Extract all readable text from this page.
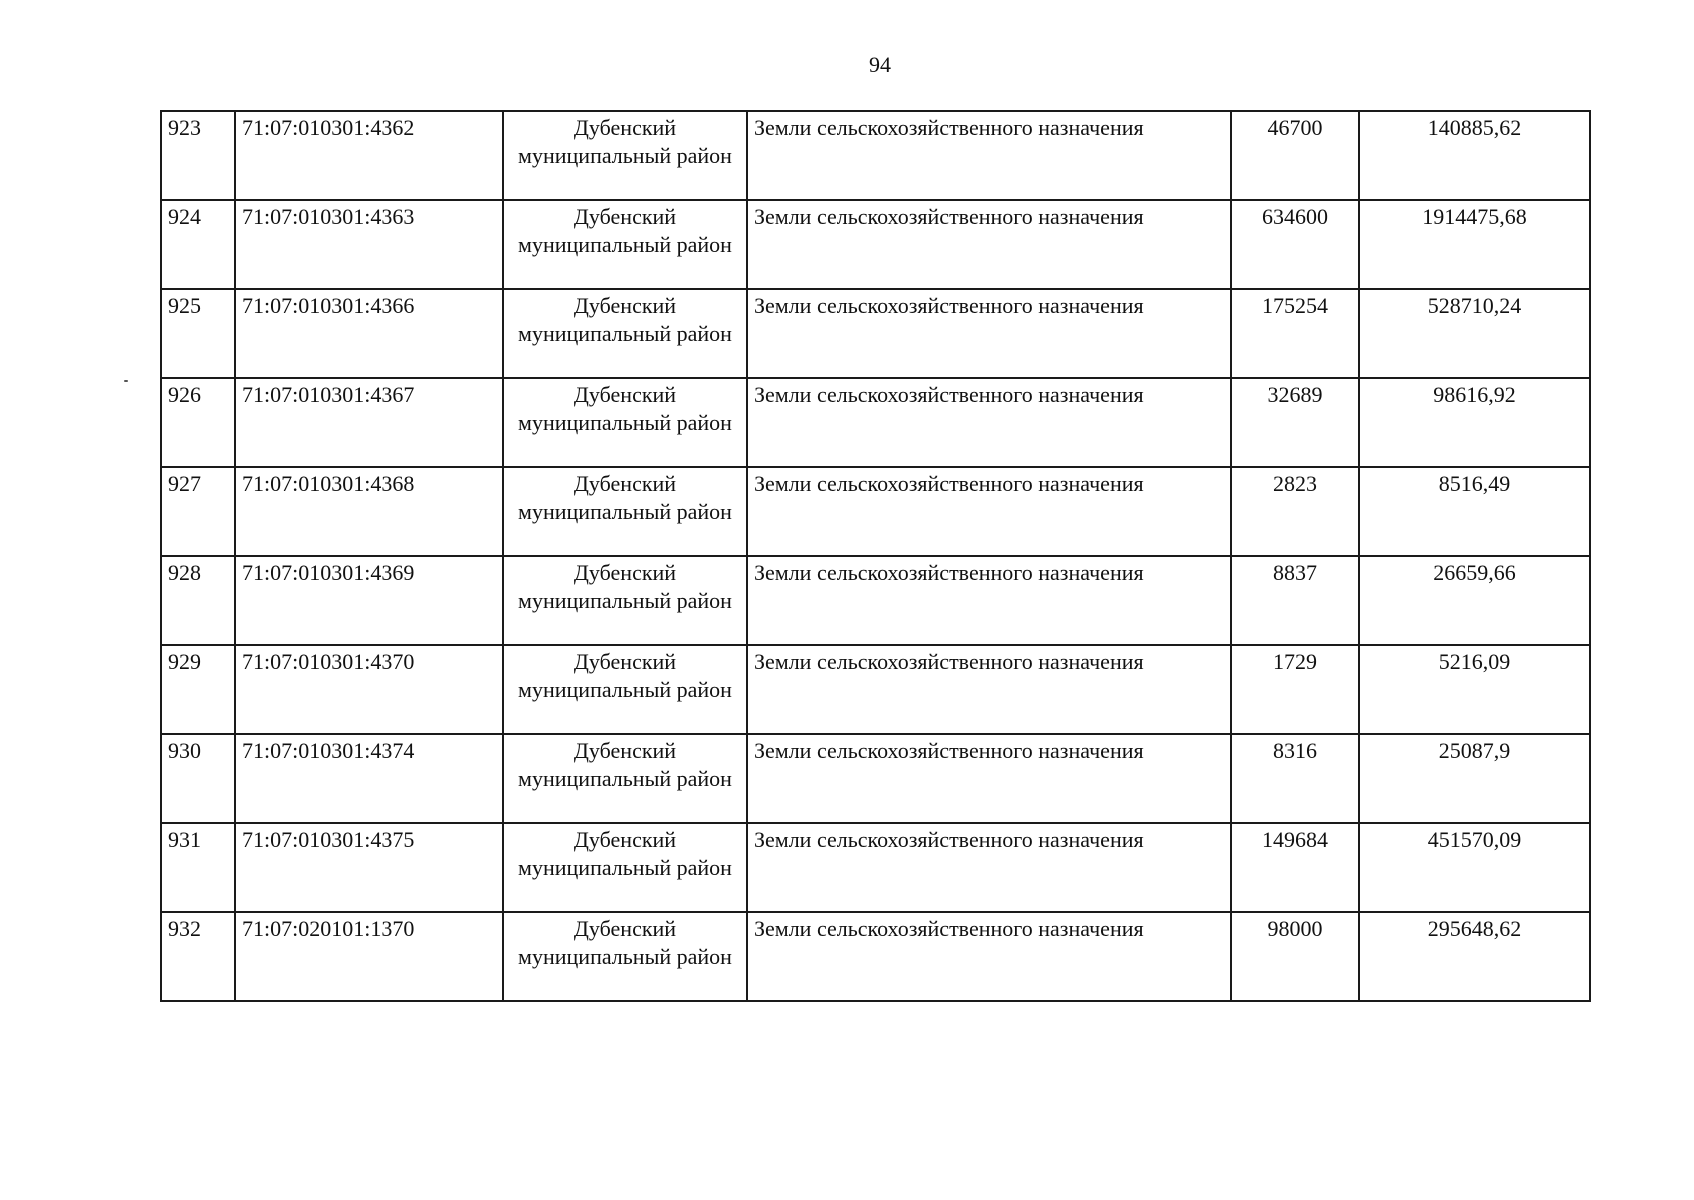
94
923	71:07:010301:4362	Дубенский муниципальный район	Земли сельскохозяйственного назначения	46700	140885,62
924	71:07:010301:4363	Дубенский муниципальный район	Земли сельскохозяйственного назначения	634600	1914475,68
925	71:07:010301:4366	Дубенский муниципальный район	Земли сельскохозяйственного назначения	175254	528710,24
926	71:07:010301:4367	Дубенский муниципальный район	Земли сельскохозяйственного назначения	32689	98616,92
927	71:07:010301:4368	Дубенский муниципальный район	Земли сельскохозяйственного назначения	2823	8516,49
928	71:07:010301:4369	Дубенский муниципальный район	Земли сельскохозяйственного назначения	8837	26659,66
929	71:07:010301:4370	Дубенский муниципальный район	Земли сельскохозяйственного назначения	1729	5216,09
930	71:07:010301:4374	Дубенский муниципальный район	Земли сельскохозяйственного назначения	8316	25087,9
931	71:07:010301:4375	Дубенский муниципальный район	Земли сельскохозяйственного назначения	149684	451570,09
932	71:07:020101:1370	Дубенский муниципальный район	Земли сельскохозяйственного назначения	98000	295648,62
